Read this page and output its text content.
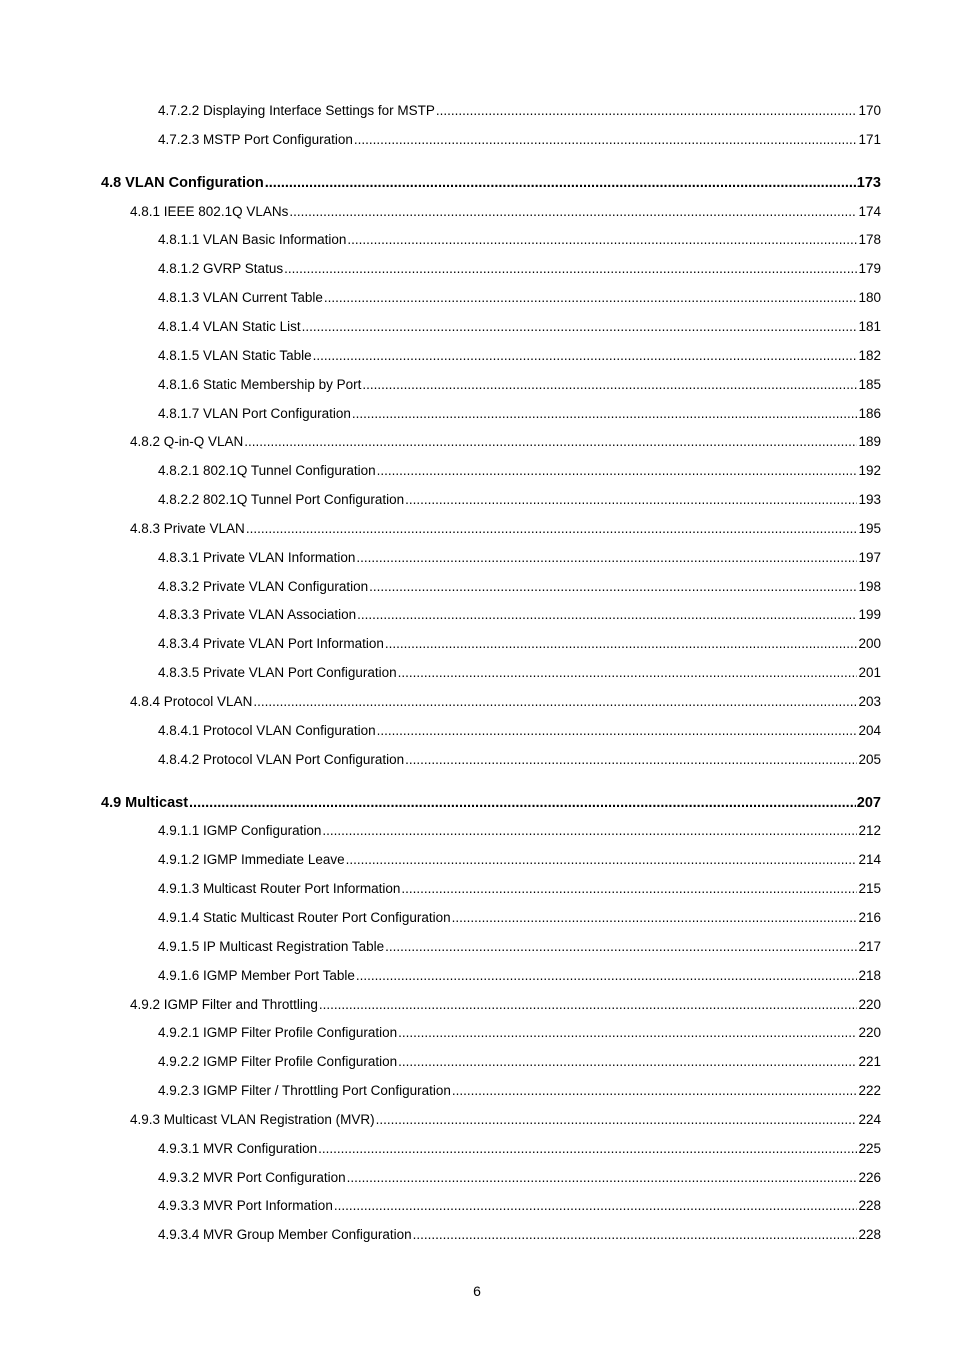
4.7.2.2 Displaying Interface Settings for MSTP .....	170
4.7.2.3 MSTP Port Configuration .....	171
4.8 VLAN Configuration .....	173
4.8.1 IEEE 802.1Q VLANs .....	174
4.8.1.1 VLAN Basic Information .....	178
4.8.1.2 GVRP Status .....	179
4.8.1.3 VLAN Current Table .....	180
4.8.1.4 VLAN Static List .....	181
4.8.1.5 VLAN Static Table .....	182
4.8.1.6 Static Membership by Port .....	185
4.8.1.7 VLAN Port Configuration .....	186
4.8.2 Q-in-Q VLAN .....	189
4.8.2.1 802.1Q Tunnel Configuration .....	192
4.8.2.2 802.1Q Tunnel Port Configuration .....	193
4.8.3 Private VLAN .....	195
4.8.3.1 Private VLAN Information .....	197
4.8.3.2 Private VLAN Configuration .....	198
4.8.3.3 Private VLAN Association .....	199
4.8.3.4 Private VLAN Port Information .....	200
4.8.3.5 Private VLAN Port Configuration .....	201
4.8.4 Protocol VLAN .....	203
4.8.4.1 Protocol VLAN Configuration .....	204
4.8.4.2 Protocol VLAN Port Configuration .....	205
4.9 Multicast .....	207
4.9.1.1 IGMP Configuration .....	212
4.9.1.2 IGMP Immediate Leave .....	214
4.9.1.3 Multicast Router Port Information .....	215
4.9.1.4 Static Multicast Router Port Configuration .....	216
4.9.1.5 IP Multicast Registration Table .....	217
4.9.1.6 IGMP Member Port Table .....	218
4.9.2 IGMP Filter and Throttling .....	220
4.9.2.1 IGMP Filter Profile Configuration .....	220
4.9.2.2 IGMP Filter Profile Configuration .....	221
4.9.2.3 IGMP Filter / Throttling Port Configuration .....	222
4.9.3 Multicast VLAN Registration (MVR) .....	224
4.9.3.1 MVR Configuration .....	225
4.9.3.2 MVR Port Configuration .....	226
4.9.3.3 MVR Port Information .....	228
4.9.3.4 MVR Group Member Configuration .....	228
6
